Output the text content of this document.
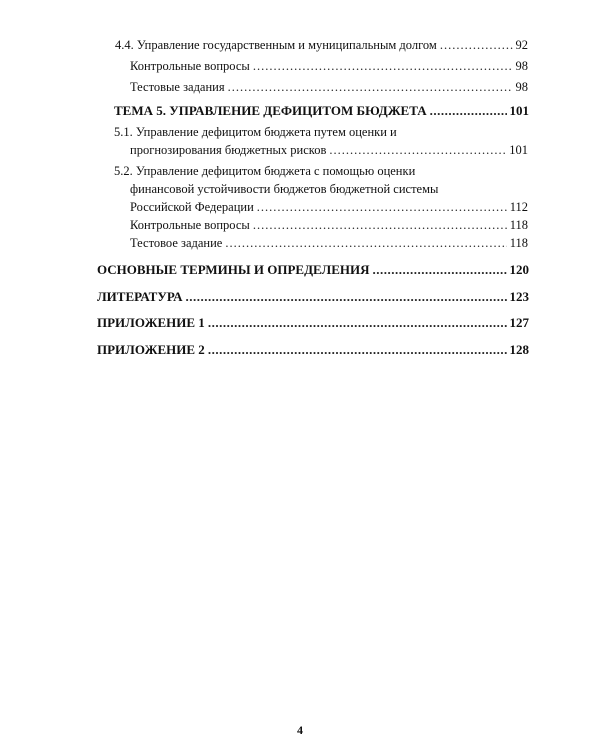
4.4. Управление государственным и муниципальным долгом .....	92
Контрольные вопросы .....	98
Тестовые задания .....	98
ТЕМА 5. УПРАВЛЕНИЕ ДЕФИЦИТОМ БЮДЖЕТА .....	101
5.1. Управление дефицитом бюджета путем оценки и
прогнозирования бюджетных рисков .....	101
5.2. Управление дефицитом бюджета с помощью оценки
финансовой устойчивости бюджетов бюджетной системы
Российской Федерации .....	112
Контрольные вопросы .....	118
Тестовое задание .....	118
ОСНОВНЫЕ ТЕРМИНЫ И ОПРЕДЕЛЕНИЯ .....	120
ЛИТЕРАТУРА .....	123
ПРИЛОЖЕНИЕ 1 .....	127
ПРИЛОЖЕНИЕ 2 .....	128
4
